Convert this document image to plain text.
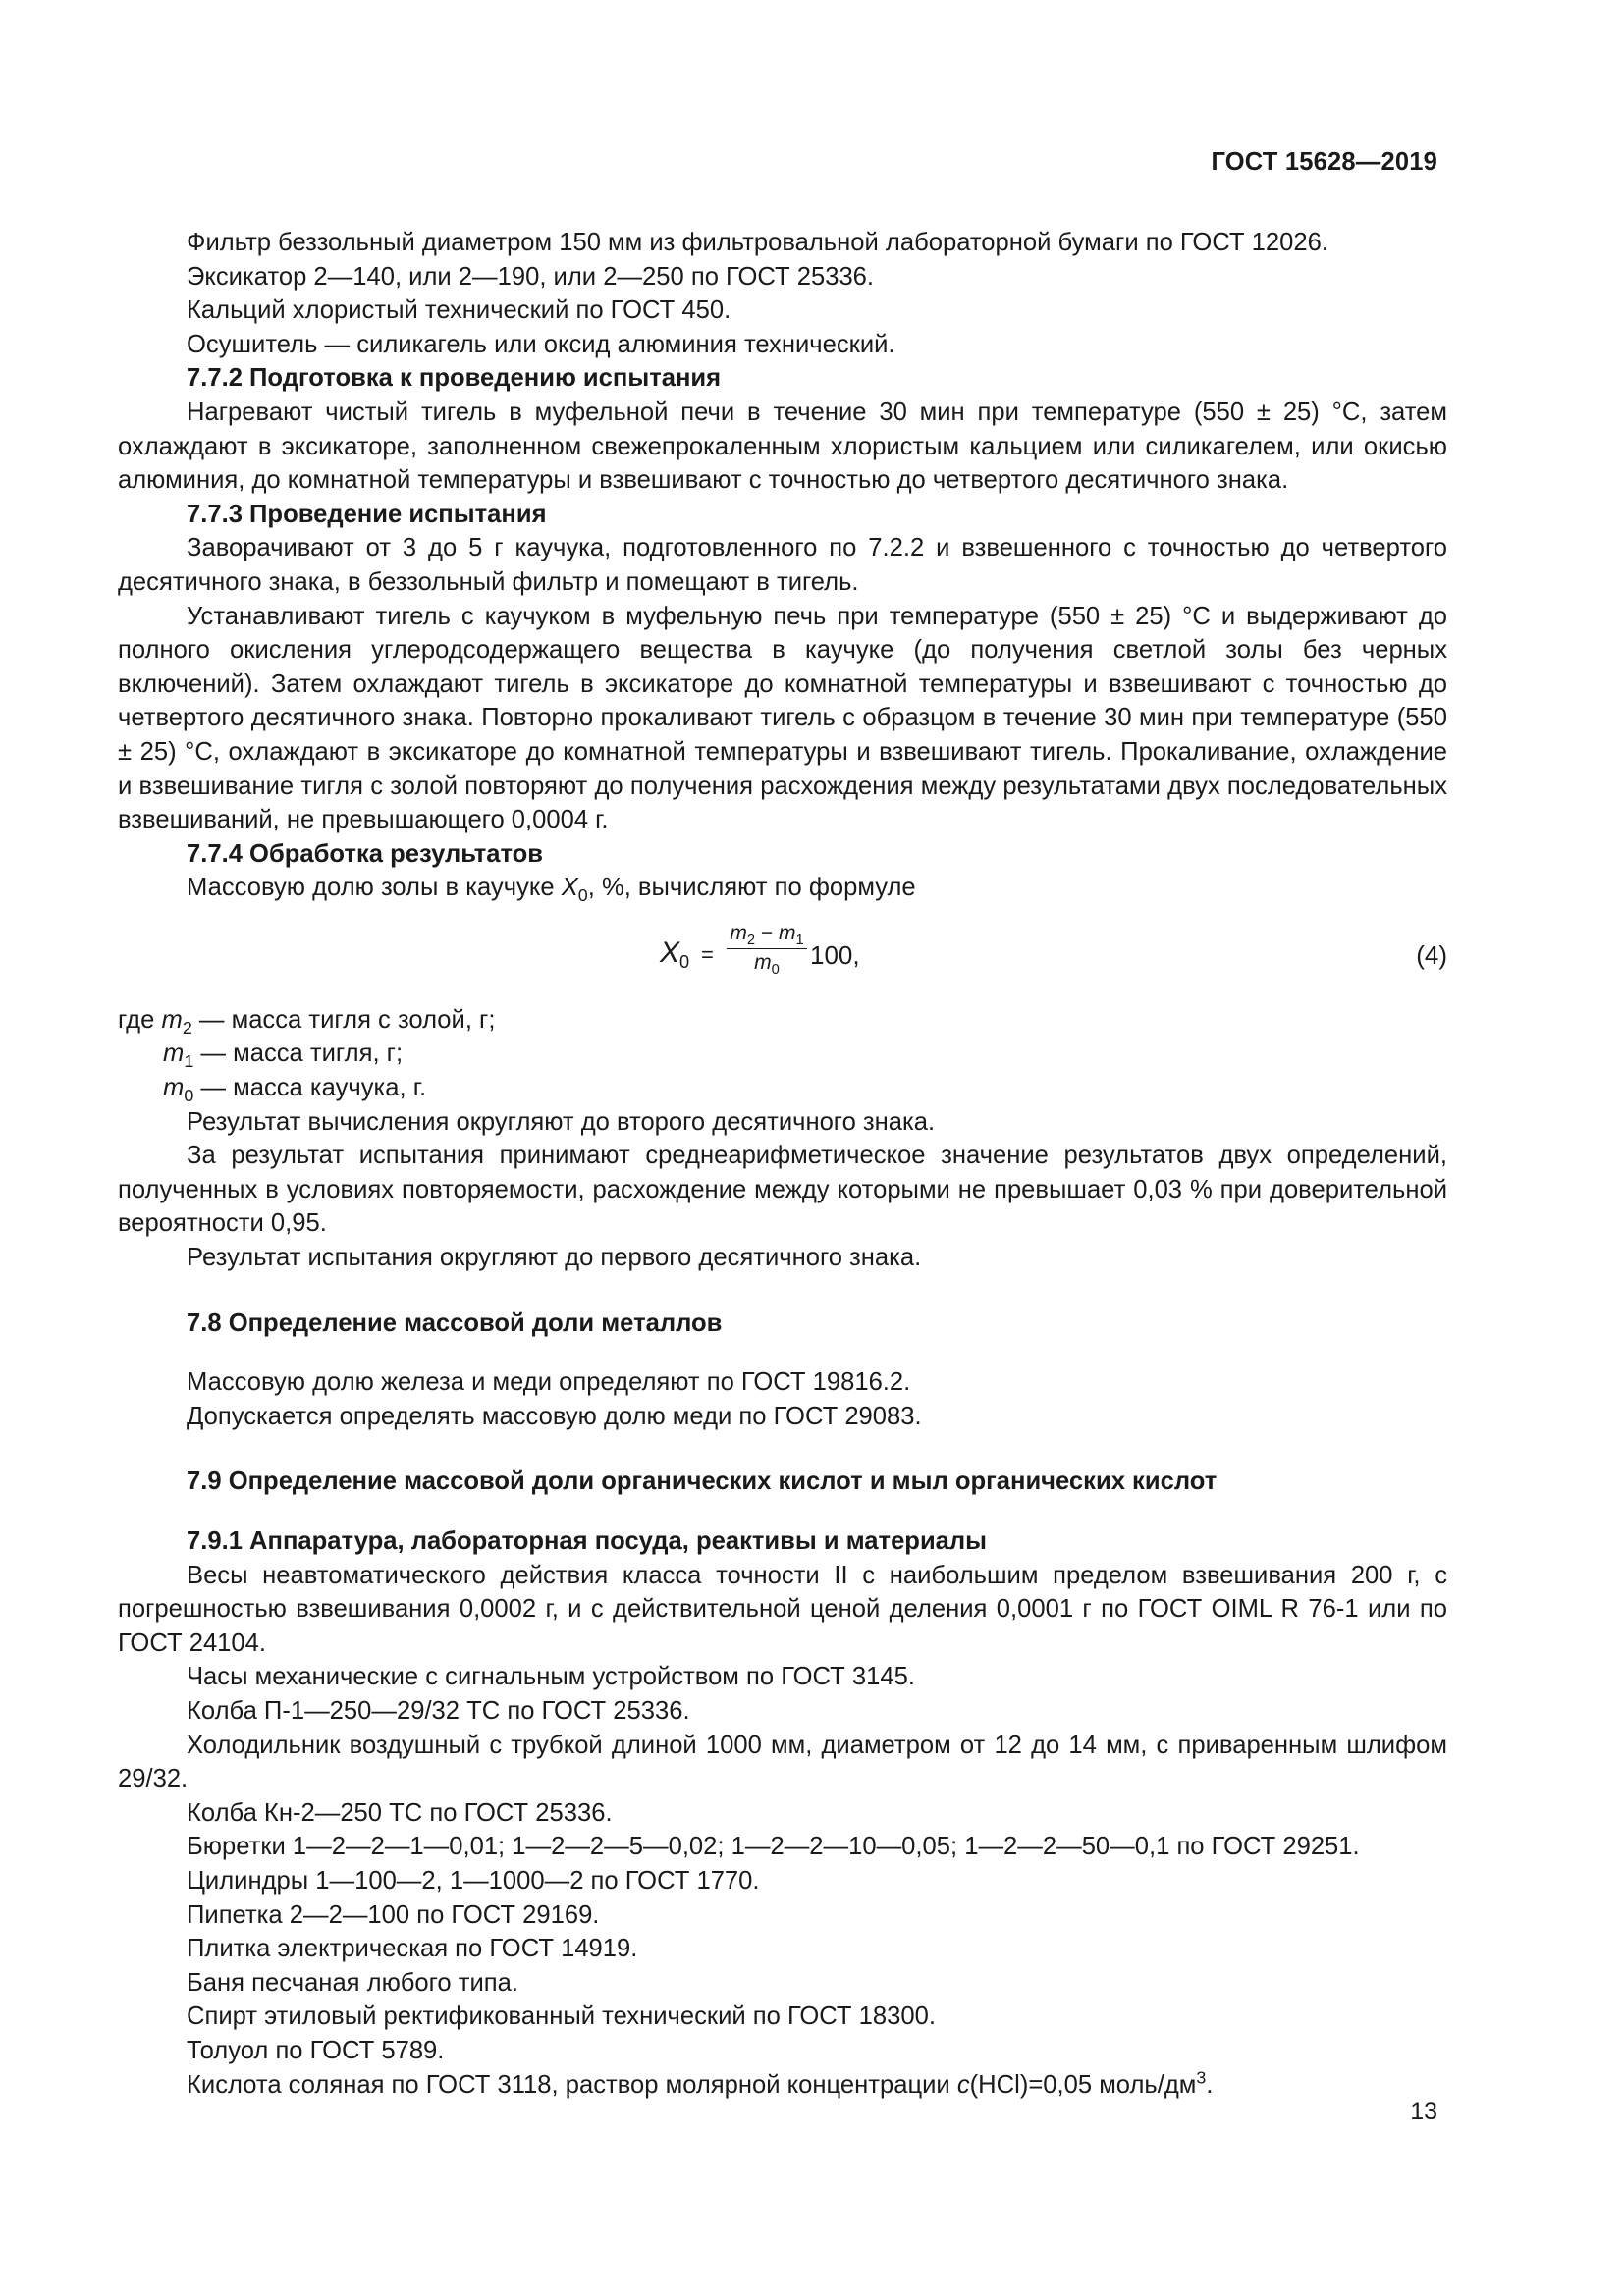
ГОСТ 15628—2019

Фильтр беззольный диаметром 150 мм из фильтровальной лабораторной бумаги по ГОСТ 12026.

Эксикатор 2—140, или 2—190, или 2—250 по ГОСТ 25336.

Кальций хлористый технический по ГОСТ 450.

Осушитель — силикагель или оксид алюминия технический.

7.7.2 Подготовка к проведению испытания

Нагревают чистый тигель в муфельной печи в течение 30 мин при температуре (550 ± 25) °С, затем охлаждают в эксикаторе, заполненном свежепрокаленным хлористым кальцием или силикагелем, или окисью алюминия, до комнатной температуры и взвешивают с точностью до четвертого десятичного знака.

7.7.3 Проведение испытания

Заворачивают от 3 до 5 г каучука, подготовленного по 7.2.2 и взвешенного с точностью до четвертого десятичного знака, в беззольный фильтр и помещают в тигель.

Устанавливают тигель с каучуком в муфельную печь при температуре (550 ± 25) °С и выдерживают до полного окисления углеродсодержащего вещества в каучуке (до получения светлой золы без черных включений). Затем охлаждают тигель в эксикаторе до комнатной температуры и взвешивают с точностью до четвертого десятичного знака. Повторно прокаливают тигель с образцом в течение 30 мин при температуре (550 ± 25) °С, охлаждают в эксикаторе до комнатной температуры и взвешивают тигель. Прокаливание, охлаждение и взвешивание тигля с золой повторяют до получения расхождения между результатами двух последовательных взвешиваний, не превышающего 0,0004 г.

7.7.4 Обработка результатов

Массовую долю золы в каучуке $X_0$, %, вычисляют по формуле

$X_0 = \frac{m_2 - m_1}{m_0} 100$,	(4)

где $m_2$ — масса тигля с золой, г;

$m_1$ — масса тигля, г;

$m_0$ — масса каучука, г.

Результат вычисления округляют до второго десятичного знака.

За результат испытания принимают среднеарифметическое значение результатов двух определений, полученных в условиях повторяемости, расхождение между которыми не превышает 0,03 % при доверительной вероятности 0,95.

Результат испытания округляют до первого десятичного знака.

7.8 Определение массовой доли металлов

Массовую долю железа и меди определяют по ГОСТ 19816.2.

Допускается определять массовую долю меди по ГОСТ 29083.

7.9 Определение массовой доли органических кислот и мыл органических кислот

7.9.1 Аппаратура, лабораторная посуда, реактивы и материалы

Весы неавтоматического действия класса точности II с наибольшим пределом взвешивания 200 г, с погрешностью взвешивания 0,0002 г, и с действительной ценой деления 0,0001 г по ГОСТ OIML R 76-1 или по ГОСТ 24104.

Часы механические с сигнальным устройством по ГОСТ 3145.

Колба П-1—250—29/32 ТС по ГОСТ 25336.

Холодильник воздушный с трубкой длиной 1000 мм, диаметром от 12 до 14 мм, с приваренным шлифом 29/32.

Колба Кн-2—250 ТС по ГОСТ 25336.

Бюретки 1—2—2—1—0,01; 1—2—2—5—0,02; 1—2—2—10—0,05; 1—2—2—50—0,1 по ГОСТ 29251.

Цилиндры 1—100—2, 1—1000—2 по ГОСТ 1770.

Пипетка 2—2—100 по ГОСТ 29169.

Плитка электрическая по ГОСТ 14919.

Баня песчаная любого типа.

Спирт этиловый ректификованный технический по ГОСТ 18300.

Толуол по ГОСТ 5789.

Кислота соляная по ГОСТ 3118, раствор молярной концентрации c(HCl)=0,05 моль/$дм^3$.

13
